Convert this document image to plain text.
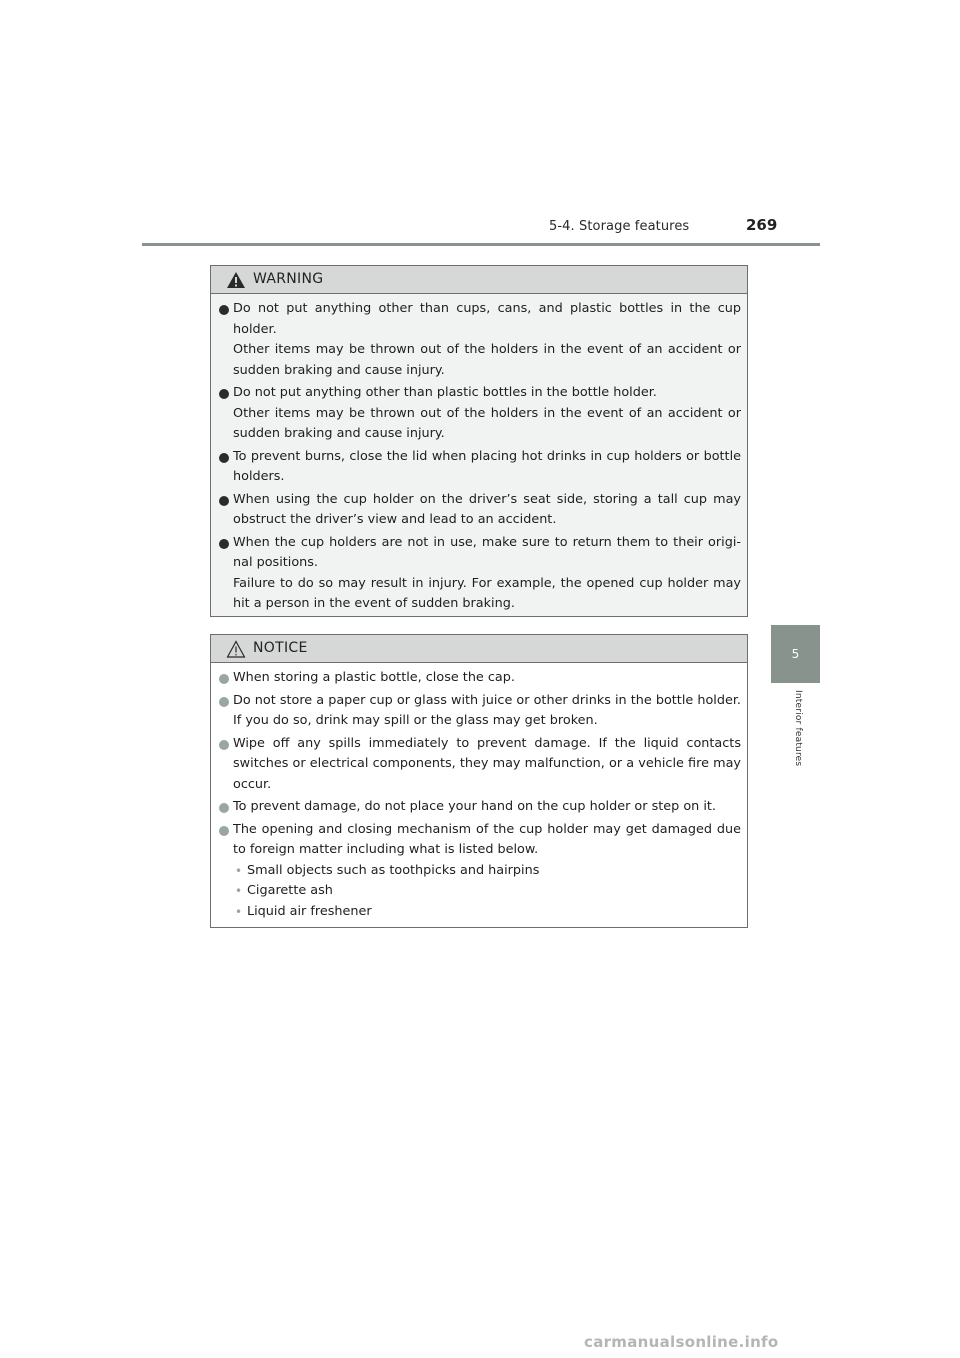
5-4. Storage features	269
5
Interior features
WARNING
Do not put anything other than cups, cans, and plastic bottles in the cup
holder.
Other items may be thrown out of the holders in the event of an accident or
sudden braking and cause injury.
Do not put anything other than plastic bottles in the bottle holder.
Other items may be thrown out of the holders in the event of an accident or
sudden braking and cause injury.
To prevent burns, close the lid when placing hot drinks in cup holders or bottle
holders.
When using the cup holder on the driver’s seat side, storing a tall cup may
obstruct the driver’s view and lead to an accident.
When the cup holders are not in use, make sure to return them to their origi-
nal positions.
Failure to do so may result in injury. For example, the opened cup holder may
hit a person in the event of sudden braking.
NOTICE
When storing a plastic bottle, close the cap.
Do not store a paper cup or glass with juice or other drinks in the bottle holder.
If you do so, drink may spill or the glass may get broken.
Wipe off any spills immediately to prevent damage. If the liquid contacts
switches or electrical components, they may malfunction, or a vehicle fire may
occur.
To prevent damage, do not place your hand on the cup holder or step on it.
The opening and closing mechanism of the cup holder may get damaged due
to foreign matter including what is listed below.
• Small objects such as toothpicks and hairpins
• Cigarette ash
• Liquid air freshener
carmanualsonline.info
